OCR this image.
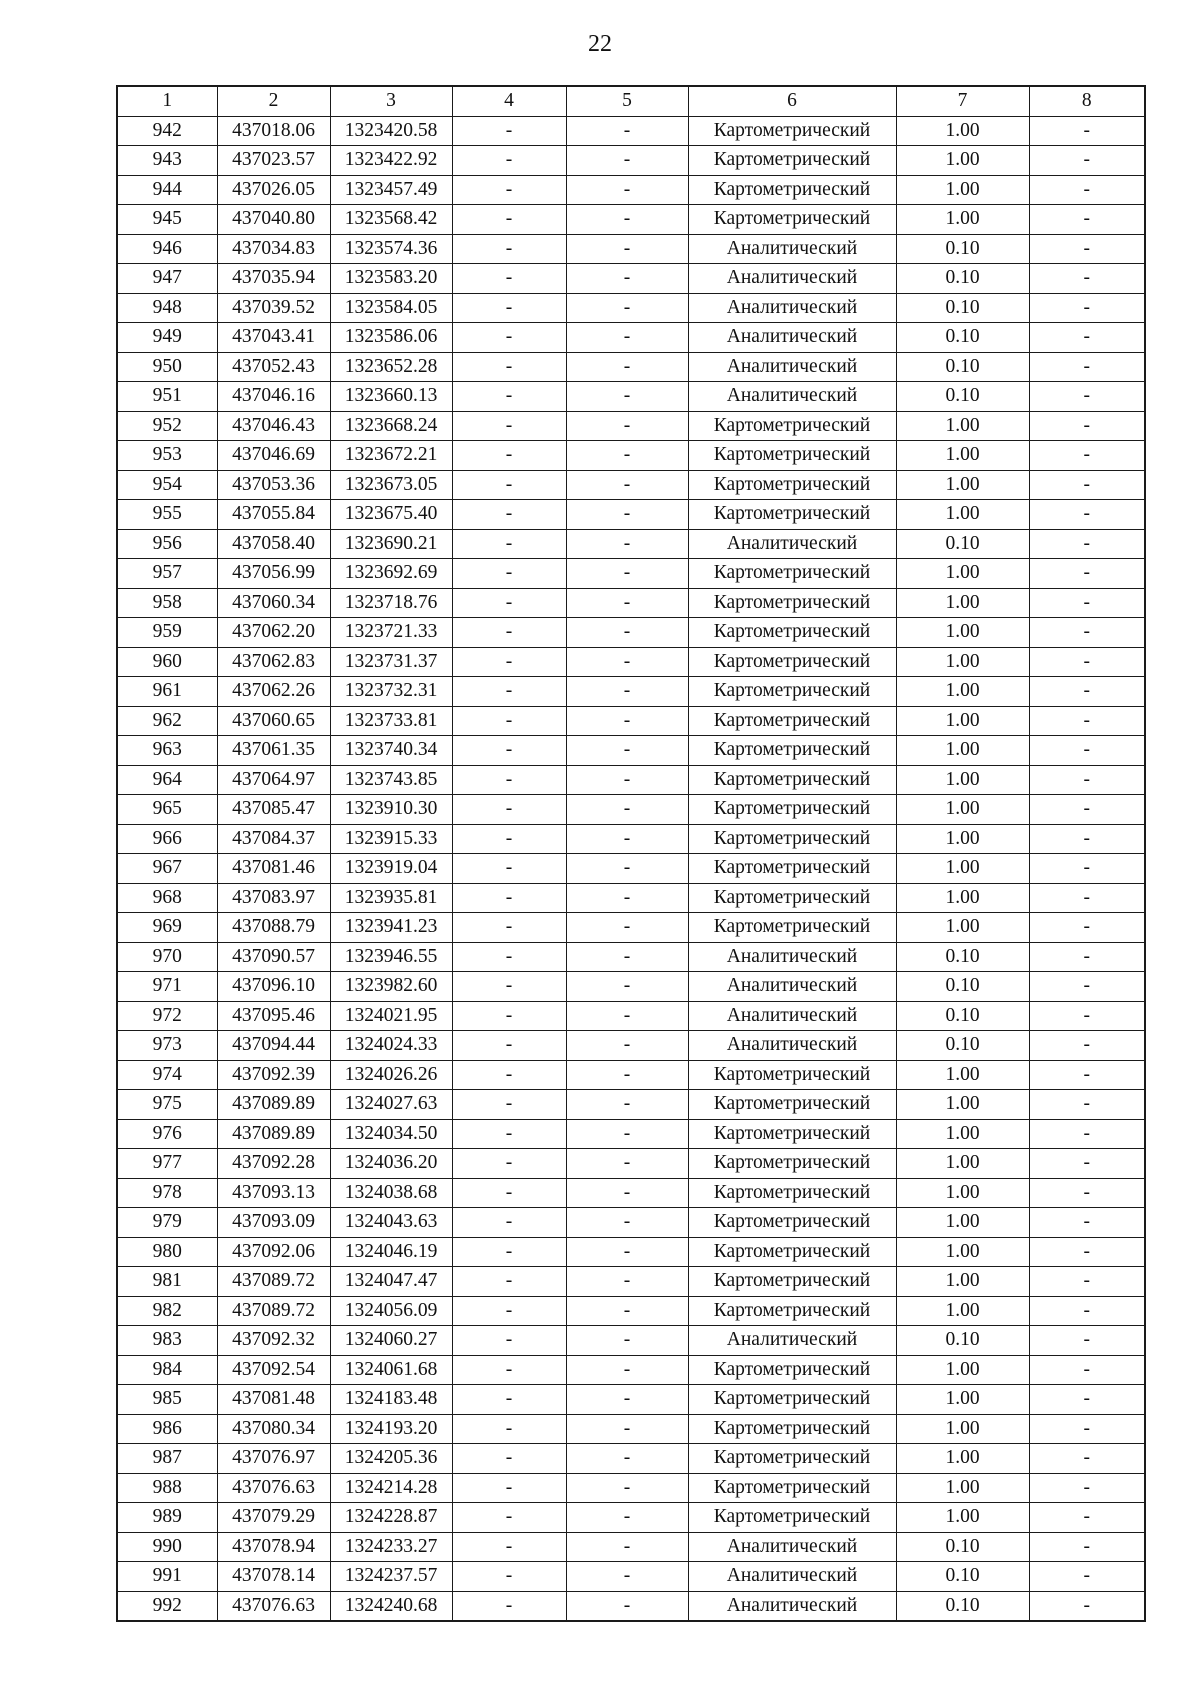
22
1	2	3	4	5	6	7	8
942	437018.06	1323420.58	-	-	Картометрический	1.00	-
943	437023.57	1323422.92	-	-	Картометрический	1.00	-
944	437026.05	1323457.49	-	-	Картометрический	1.00	-
945	437040.80	1323568.42	-	-	Картометрический	1.00	-
946	437034.83	1323574.36	-	-	Аналитический	0.10	-
947	437035.94	1323583.20	-	-	Аналитический	0.10	-
948	437039.52	1323584.05	-	-	Аналитический	0.10	-
949	437043.41	1323586.06	-	-	Аналитический	0.10	-
950	437052.43	1323652.28	-	-	Аналитический	0.10	-
951	437046.16	1323660.13	-	-	Аналитический	0.10	-
952	437046.43	1323668.24	-	-	Картометрический	1.00	-
953	437046.69	1323672.21	-	-	Картометрический	1.00	-
954	437053.36	1323673.05	-	-	Картометрический	1.00	-
955	437055.84	1323675.40	-	-	Картометрический	1.00	-
956	437058.40	1323690.21	-	-	Аналитический	0.10	-
957	437056.99	1323692.69	-	-	Картометрический	1.00	-
958	437060.34	1323718.76	-	-	Картометрический	1.00	-
959	437062.20	1323721.33	-	-	Картометрический	1.00	-
960	437062.83	1323731.37	-	-	Картометрический	1.00	-
961	437062.26	1323732.31	-	-	Картометрический	1.00	-
962	437060.65	1323733.81	-	-	Картометрический	1.00	-
963	437061.35	1323740.34	-	-	Картометрический	1.00	-
964	437064.97	1323743.85	-	-	Картометрический	1.00	-
965	437085.47	1323910.30	-	-	Картометрический	1.00	-
966	437084.37	1323915.33	-	-	Картометрический	1.00	-
967	437081.46	1323919.04	-	-	Картометрический	1.00	-
968	437083.97	1323935.81	-	-	Картометрический	1.00	-
969	437088.79	1323941.23	-	-	Картометрический	1.00	-
970	437090.57	1323946.55	-	-	Аналитический	0.10	-
971	437096.10	1323982.60	-	-	Аналитический	0.10	-
972	437095.46	1324021.95	-	-	Аналитический	0.10	-
973	437094.44	1324024.33	-	-	Аналитический	0.10	-
974	437092.39	1324026.26	-	-	Картометрический	1.00	-
975	437089.89	1324027.63	-	-	Картометрический	1.00	-
976	437089.89	1324034.50	-	-	Картометрический	1.00	-
977	437092.28	1324036.20	-	-	Картометрический	1.00	-
978	437093.13	1324038.68	-	-	Картометрический	1.00	-
979	437093.09	1324043.63	-	-	Картометрический	1.00	-
980	437092.06	1324046.19	-	-	Картометрический	1.00	-
981	437089.72	1324047.47	-	-	Картометрический	1.00	-
982	437089.72	1324056.09	-	-	Картометрический	1.00	-
983	437092.32	1324060.27	-	-	Аналитический	0.10	-
984	437092.54	1324061.68	-	-	Картометрический	1.00	-
985	437081.48	1324183.48	-	-	Картометрический	1.00	-
986	437080.34	1324193.20	-	-	Картометрический	1.00	-
987	437076.97	1324205.36	-	-	Картометрический	1.00	-
988	437076.63	1324214.28	-	-	Картометрический	1.00	-
989	437079.29	1324228.87	-	-	Картометрический	1.00	-
990	437078.94	1324233.27	-	-	Аналитический	0.10	-
991	437078.14	1324237.57	-	-	Аналитический	0.10	-
992	437076.63	1324240.68	-	-	Аналитический	0.10	-
